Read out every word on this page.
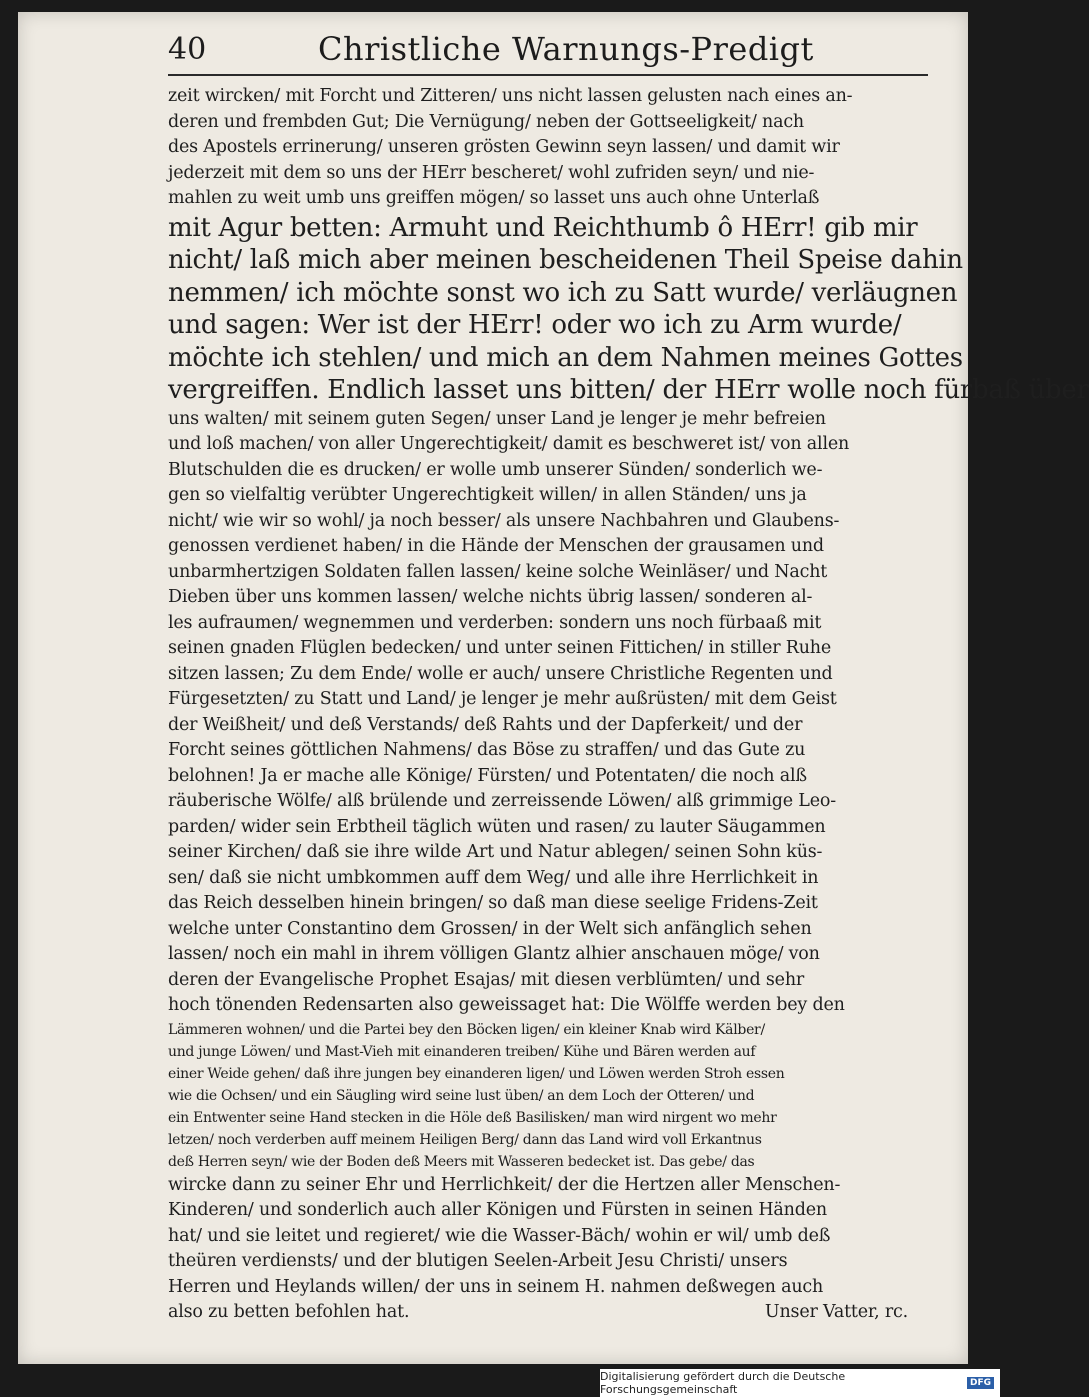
40	Christliche Warnungs-Predigt
zeit wircken/ mit Forcht und Zitteren/ uns nicht lassen gelusten nach eines an-
deren und frembden Gut; Die Vernügung/ neben der Gottseeligkeit/ nach
des Apostels errinerung/ unseren grösten Gewinn seyn lassen/ und damit wir
jederzeit mit dem so uns der HErr bescheret/ wohl zufriden seyn/ und nie-
mahlen zu weit umb uns greiffen mögen/ so lasset uns auch ohne Unterlaß
mit Agur betten: Armuht und Reichthumb ô HErr! gib mir
nicht/ laß mich aber meinen bescheidenen Theil Speise dahin
nemmen/ ich möchte sonst wo ich zu Satt wurde/ verläugnen
und sagen: Wer ist der HErr! oder wo ich zu Arm wurde/
möchte ich stehlen/ und mich an dem Nahmen meines Gottes
vergreiffen. Endlich lasset uns bitten/ der HErr wolle noch fürbaß über
uns walten/ mit seinem guten Segen/ unser Land je lenger je mehr befreien
und loß machen/ von aller Ungerechtigkeit/ damit es beschweret ist/ von allen
Blutschulden die es drucken/ er wolle umb unserer Sünden/ sonderlich we-
gen so vielfaltig verübter Ungerechtigkeit willen/ in allen Ständen/ uns ja
nicht/ wie wir so wohl/ ja noch besser/ als unsere Nachbahren und Glaubens-
genossen verdienet haben/ in die Hände der Menschen der grausamen und
unbarmhertzigen Soldaten fallen lassen/ keine solche Weinläser/ und Nacht
Dieben über uns kommen lassen/ welche nichts übrig lassen/ sonderen al-
les aufraumen/ wegnemmen und verderben: sondern uns noch fürbaaß mit
seinen gnaden Flüglen bedecken/ und unter seinen Fittichen/ in stiller Ruhe
sitzen lassen; Zu dem Ende/ wolle er auch/ unsere Christliche Regenten und
Fürgesetzten/ zu Statt und Land/ je lenger je mehr außrüsten/ mit dem Geist
der Weißheit/ und deß Verstands/ deß Rahts und der Dapferkeit/ und der
Forcht seines göttlichen Nahmens/ das Böse zu straffen/ und das Gute zu
belohnen! Ja er mache alle Könige/ Fürsten/ und Potentaten/ die noch alß
räuberische Wölfe/ alß brülende und zerreissende Löwen/ alß grimmige Leo-
parden/ wider sein Erbtheil täglich wüten und rasen/ zu lauter Säugammen
seiner Kirchen/ daß sie ihre wilde Art und Natur ablegen/ seinen Sohn küs-
sen/ daß sie nicht umbkommen auff dem Weg/ und alle ihre Herrlichkeit in
das Reich desselben hinein bringen/ so daß man diese seelige Fridens-Zeit
welche unter Constantino dem Grossen/ in der Welt sich anfänglich sehen
lassen/ noch ein mahl in ihrem völligen Glantz alhier anschauen möge/ von
deren der Evangelische Prophet Esajas/ mit diesen verblümten/ und sehr
hoch tönenden Redensarten also geweissaget hat: Die Wölffe werden bey den
Lämmeren wohnen/ und die Partei bey den Böcken ligen/ ein kleiner Knab wird Kälber/
und junge Löwen/ und Mast-Vieh mit einanderen treiben/ Kühe und Bären werden auf
einer Weide gehen/ daß ihre jungen bey einanderen ligen/ und Löwen werden Stroh essen
wie die Ochsen/ und ein Säugling wird seine lust üben/ an dem Loch der Otteren/ und
ein Entwenter seine Hand stecken in die Höle deß Basilisken/ man wird nirgent wo mehr
letzen/ noch verderben auff meinem Heiligen Berg/ dann das Land wird voll Erkantnus
deß Herren seyn/ wie der Boden deß Meers mit Wasseren bedecket ist. Das gebe/ das
wircke dann zu seiner Ehr und Herrlichkeit/ der die Hertzen aller Menschen-
Kinderen/ und sonderlich auch aller Königen und Fürsten in seinen Händen
hat/ und sie leitet und regieret/ wie die Wasser-Bäch/ wohin er wil/ umb deß
theüren verdiensts/ und der blutigen Seelen-Arbeit Jesu Christi/ unsers
Herren und Heylands willen/ der uns in seinem H. nahmen deßwegen auch
also zu betten befohlen hat.	Unser Vatter, rc.
Digitalisierung gefördert durch die Deutsche Forschungsgemeinschaft	DFG
